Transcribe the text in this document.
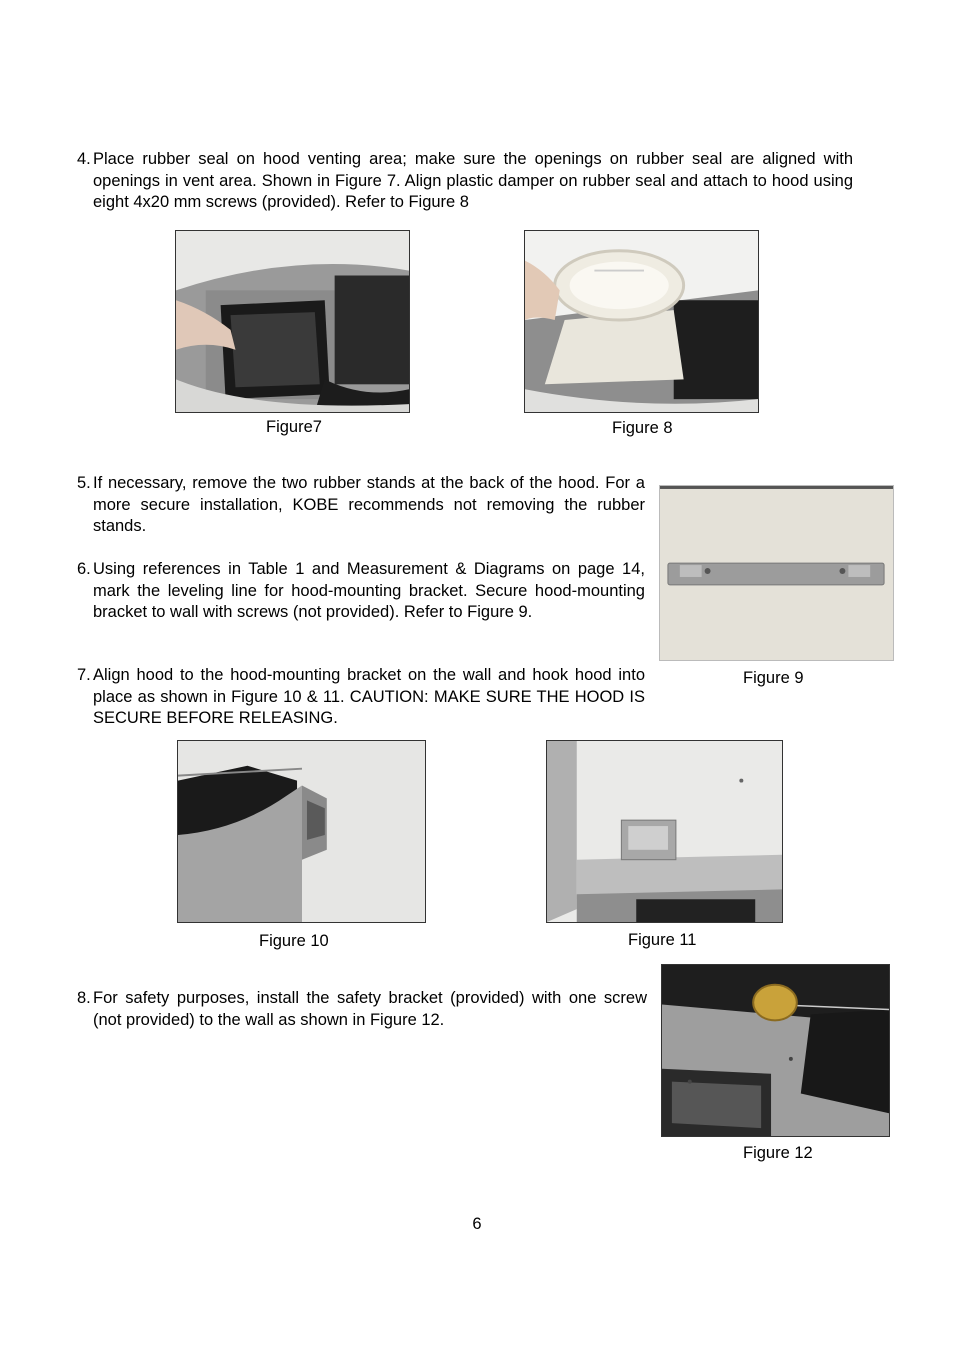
4. Place rubber seal on hood venting area; make sure the openings on rubber seal are aligned with openings in vent area. Shown in Figure 7. Align plastic damper on rubber seal and attach to hood using eight 4x20 mm screws (provided). Refer to Figure 8
Figure7	Figure 8
5. If necessary, remove the two rubber stands at the back of the hood. For a more secure installation, KOBE recommends not removing the rubber stands.
6. Using references in Table 1 and Measurement & Diagrams on page 14, mark the leveling line for hood-mounting bracket. Secure hood-mounting bracket to wall with screws (not provided). Refer to Figure 9.
Figure 9
7. Align hood to the hood-mounting bracket on the wall and hook hood into place as shown in Figure 10 & 11. CAUTION: MAKE SURE THE HOOD IS SECURE BEFORE RELEASING.
Figure 10	Figure 11
8. For safety purposes, install the safety bracket (provided) with one screw (not provided) to the wall as shown in Figure 12.
Figure 12
6
